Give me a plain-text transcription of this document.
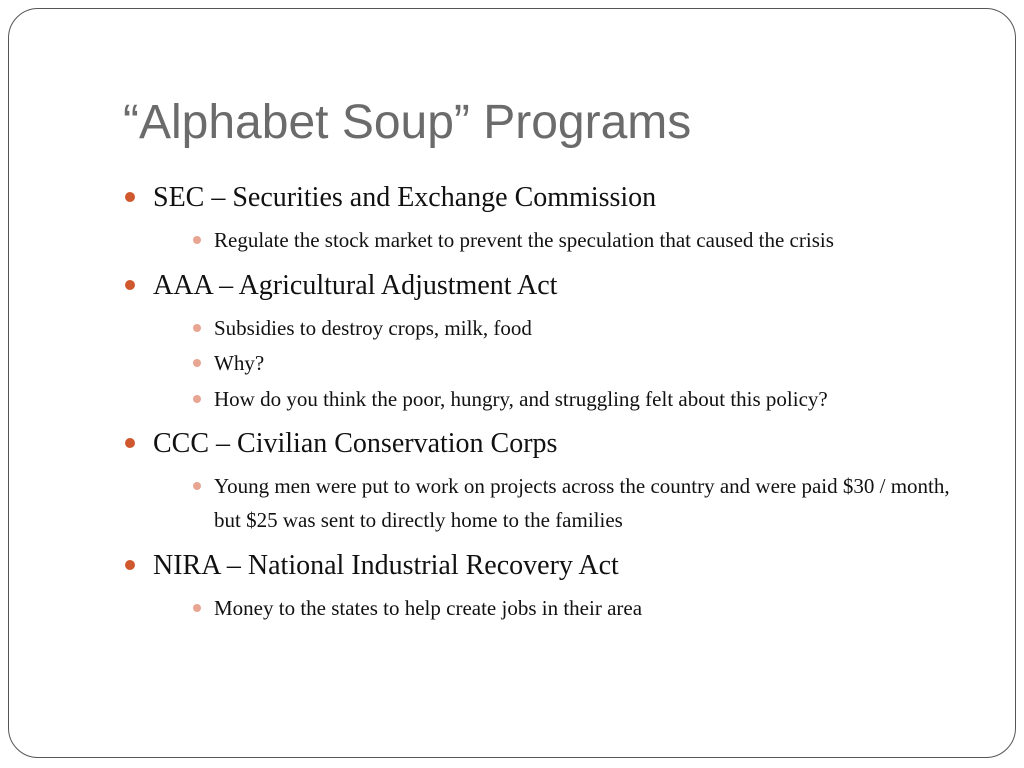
“Alphabet Soup” Programs
SEC – Securities and Exchange Commission
Regulate the stock market to prevent the speculation that caused the crisis
AAA – Agricultural Adjustment Act
Subsidies to destroy crops, milk, food
Why?
How do you think the poor, hungry, and struggling felt about this policy?
CCC – Civilian Conservation Corps
Young men were put to work on projects across the country and were paid $30 / month, but $25 was sent to directly home to the families
NIRA – National Industrial Recovery Act
Money to the states to help create jobs in their area
